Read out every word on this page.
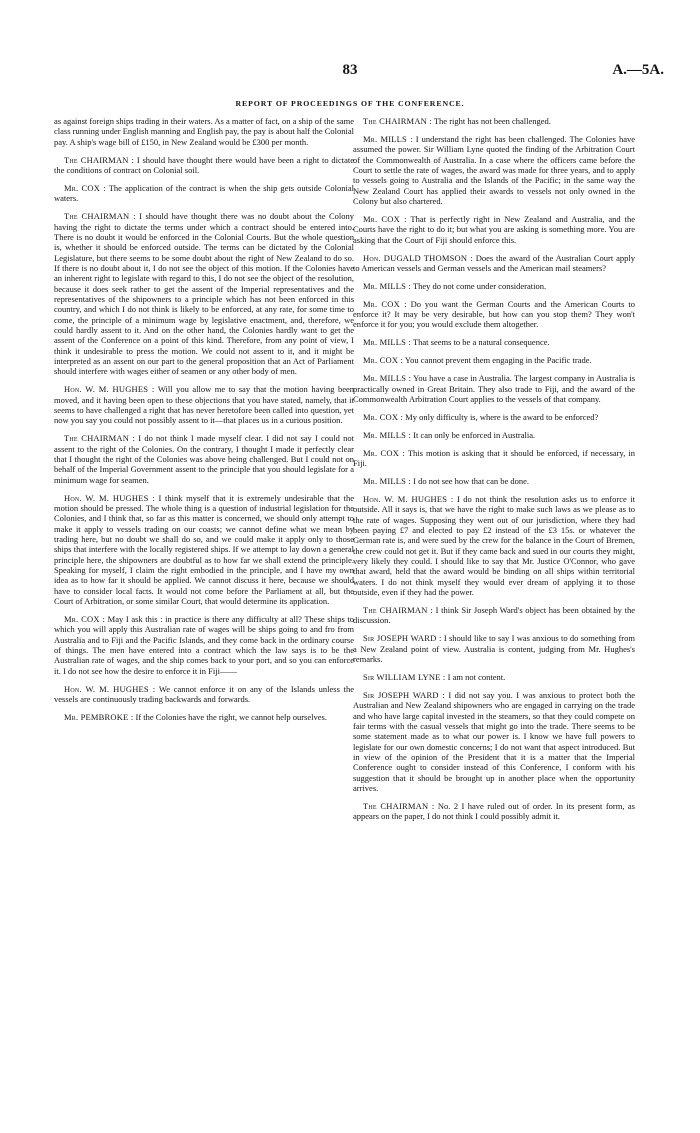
83	A.—5A.
REPORT OF PROCEEDINGS OF THE CONFERENCE.

as against foreign ships trading in their waters. As a matter of fact, on a ship of the same class running under English manning and English pay, the pay is about half the Colonial pay. A ship's wage bill of £150, in New Zealand would be £300 per month.

The CHAIRMAN : I should have thought there would have been a right to dictate the conditions of contract on Colonial soil.

Mr. COX : The application of the contract is when the ship gets outside Colonial waters.

The CHAIRMAN : I should have thought there was no doubt about the Colony having the right to dictate the terms under which a contract should be entered into. There is no doubt it would be enforced in the Colonial Courts. But the whole question is, whether it should be enforced outside. The terms can be dictated by the Colonial Legislature, but there seems to be some doubt about the right of New Zealand to do so. If there is no doubt about it, I do not see the object of this motion. If the Colonies have an inherent right to legislate with regard to this, I do not see the object of the resolution, because it does seek rather to get the assent of the Imperial representatives and the representatives of the shipowners to a principle which has not been enforced in this country, and which I do not think is likely to be enforced, at any rate, for some time to come, the principle of a minimum wage by legislative enactment, and, therefore, we could hardly assent to it. And on the other hand, the Colonies hardly want to get the assent of the Conference on a point of this kind. Therefore, from any point of view, I think it undesirable to press the motion. We could not assent to it, and it might be interpreted as an assent on our part to the general proposition that an Act of Parliament should interfere with wages either of seamen or any other body of men.

Hon. W. M. HUGHES : Will you allow me to say that the motion having been moved, and it having been open to these objections that you have stated, namely, that it seems to have challenged a right that has never heretofore been called into question, yet now you say you could not possibly assent to it—that places us in a curious position.

The CHAIRMAN : I do not think I made myself clear. I did not say I could not assent to the right of the Colonies. On the contrary, I thought I made it perfectly clear that I thought the right of the Colonies was above being challenged. But I could not on behalf of the Imperial Government assent to the principle that you should legislate for a minimum wage for seamen.

Hon. W. M. HUGHES : I think myself that it is extremely undesirable that the motion should be pressed. The whole thing is a question of industrial legislation for the Colonies, and I think that, so far as this matter is concerned, we should only attempt to make it apply to vessels trading on our coasts; we cannot define what we mean by trading here, but no doubt we shall do so, and we could make it apply only to those ships that interfere with the locally registered ships. If we attempt to lay down a general principle here, the shipowners are doubtful as to how far we shall extend the principle. Speaking for myself, I claim the right embodied in the principle, and I have my own idea as to how far it should be applied. We cannot discuss it here, because we should have to consider local facts. It would not come before the Parliament at all, but the Court of Arbitration, or some similar Court, that would determine its application.

Mr. COX : May I ask this : in practice is there any difficulty at all? These ships to which you will apply this Australian rate of wages will be ships going to and fro from Australia and to Fiji and the Pacific Islands, and they come back in the ordinary course of things. The men have entered into a contract which the law says is to be the Australian rate of wages, and the ship comes back to your port, and so you can enforce it. I do not see how the desire to enforce it in Fiji——

Hon. W. M. HUGHES : We cannot enforce it on any of the Islands unless the vessels are continuously trading backwards and forwards.

Mr. PEMBROKE : If the Colonies have the right, we cannot help ourselves.

The CHAIRMAN : The right has not been challenged.

Mr. MILLS : I understand the right has been challenged. The Colonies have assumed the power. Sir William Lyne quoted the finding of the Arbitration Court of the Commonwealth of Australia. In a case where the officers came before the Court to settle the rate of wages, the award was made for three years, and to apply to vessels going to Australia and the Islands of the Pacific; in the same way the New Zealand Court has applied their awards to vessels not only owned in the Colony but also chartered.

Mr. COX : That is perfectly right in New Zealand and Australia, and the Courts have the right to do it; but what you are asking is something more. You are asking that the Court of Fiji should enforce this.

Hon. DUGALD THOMSON : Does the award of the Australian Court apply to American vessels and German vessels and the American mail steamers?

Mr. MILLS : They do not come under consideration.

Mr. COX : Do you want the German Courts and the American Courts to enforce it? It may be very desirable, but how can you stop them? They won't enforce it for you; you would exclude them altogether.

Mr. MILLS : That seems to be a natural consequence.

Mr. COX : You cannot prevent them engaging in the Pacific trade.

Mr. MILLS : You have a case in Australia. The largest company in Australia is practically owned in Great Britain. They also trade to Fiji, and the award of the Commonwealth Arbitration Court applies to the vessels of that company.

Mr. COX : My only difficulty is, where is the award to be enforced?

Mr. MILLS : It can only be enforced in Australia.

Mr. COX : This motion is asking that it should be enforced, if necessary, in Fiji.

Mr. MILLS : I do not see how that can be done.

Hon. W. M. HUGHES : I do not think the resolution asks us to enforce it outside. All it says is, that we have the right to make such laws as we please as to the rate of wages. Supposing they went out of our jurisdiction, where they had been paying £7 and elected to pay £2 instead of the £3 15s. or whatever the German rate is, and were sued by the crew for the balance in the Court of Bremen, the crew could not get it. But if they came back and sued in our courts they might, very likely they could. I should like to say that Mr. Justice O'Connor, who gave that award, held that the award would be binding on all ships within territorial waters. I do not think myself they would ever dream of applying it to those outside, even if they had the power.

The CHAIRMAN : I think Sir Joseph Ward's object has been obtained by the discussion.

Sir JOSEPH WARD : I should like to say I was anxious to do something from a New Zealand point of view. Australia is content, judging from Mr. Hughes's remarks.

Sir WILLIAM LYNE : I am not content.

Sir JOSEPH WARD : I did not say you. I was anxious to protect both the Australian and New Zealand shipowners who are engaged in carrying on the trade and who have large capital invested in the steamers, so that they could compete on fair terms with the casual vessels that might go into the trade. There seems to be some statement made as to what our power is. I know we have full powers to legislate for our own domestic concerns; I do not want that aspect introduced. But in view of the opinion of the President that it is a matter that the Imperial Conference ought to consider instead of this Conference, I conform with his suggestion that it should be brought up in another place when the opportunity arrives.

The CHAIRMAN : No. 2 I have ruled out of order. In its present form, as appears on the paper, I do not think I could possibly admit it.
